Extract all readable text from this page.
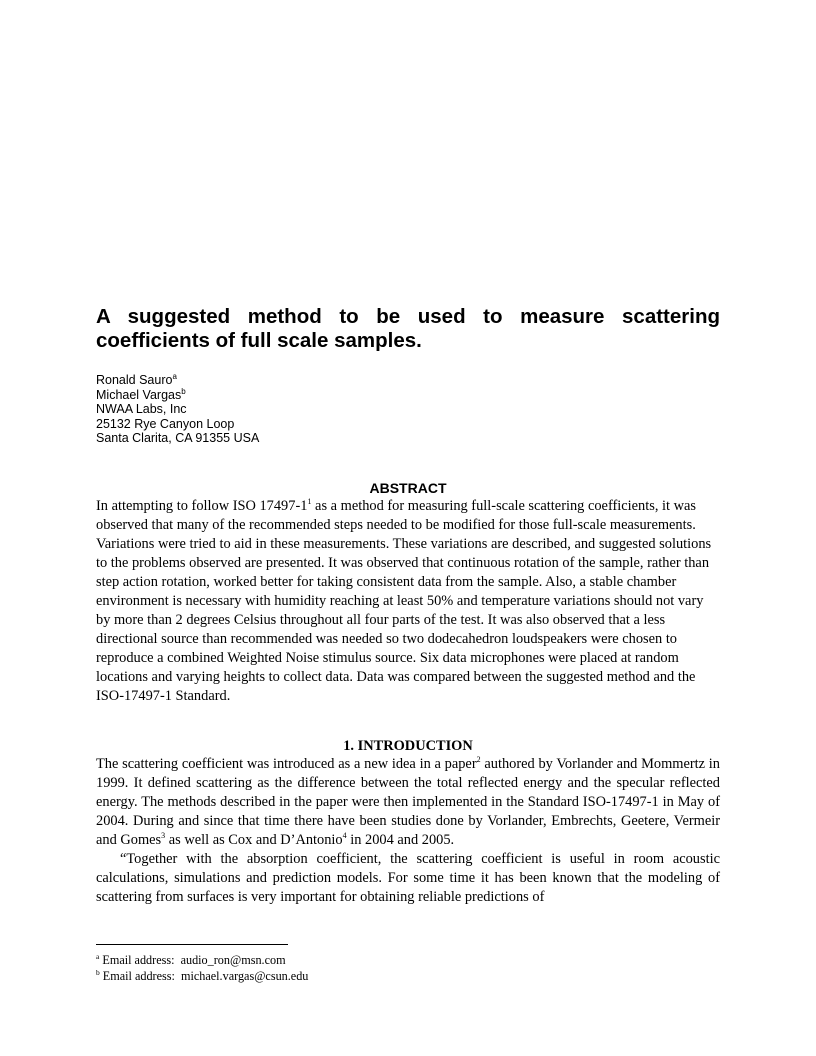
A suggested method to be used to measure scattering coefficients of full scale samples.
Ronald Sauro$^a$
Michael Vargas$^b$
NWAA Labs, Inc
25132 Rye Canyon Loop
Santa Clarita, CA 91355 USA
ABSTRACT

In attempting to follow ISO $17497-1^1$ as a method for measuring full-scale scattering coefficients, it was observed that many of the recommended steps needed to be modified for those full-scale measurements. Variations were tried to aid in these measurements. These variations are described, and suggested solutions to the problems observed are presented. It was observed that continuous rotation of the sample, rather than step action rotation, worked better for taking consistent data from the sample. Also, a stable chamber environment is necessary with humidity reaching at least 50% and temperature variations should not vary by more than 2 degrees Celsius throughout all four parts of the test. It was also observed that a less directional source than recommended was needed so two dodecahedron loudspeakers were chosen to reproduce a combined Weighted Noise stimulus source. Six data microphones were placed at random locations and varying heights to collect data. Data was compared between the suggested method and the ISO-17497-1 Standard.

1. INTRODUCTION

The scattering coefficient was introduced as a new idea in a paper$^2$ authored by Vorlander and Mommertz in 1999. It defined scattering as the difference between the total reflected energy and the specular reflected energy. The methods described in the paper were then implemented in the Standard ISO-17497-1 in May of 2004. During and since that time there have been studies done by Vorlander, Embrechts, Geetere, Vermeir and Gomes$^3$ as well as Cox and D’Antonio$^4$ in 2004 and 2005.

“Together with the absorption coefficient, the scattering coefficient is useful in room acoustic calculations, simulations and prediction models. For some time it has been known that the modeling of scattering from surfaces is very important for obtaining reliable predictions of

$^a$ Email address: audio_ron@msn.com
$^b$ Email address: michael.vargas@csun.edu
